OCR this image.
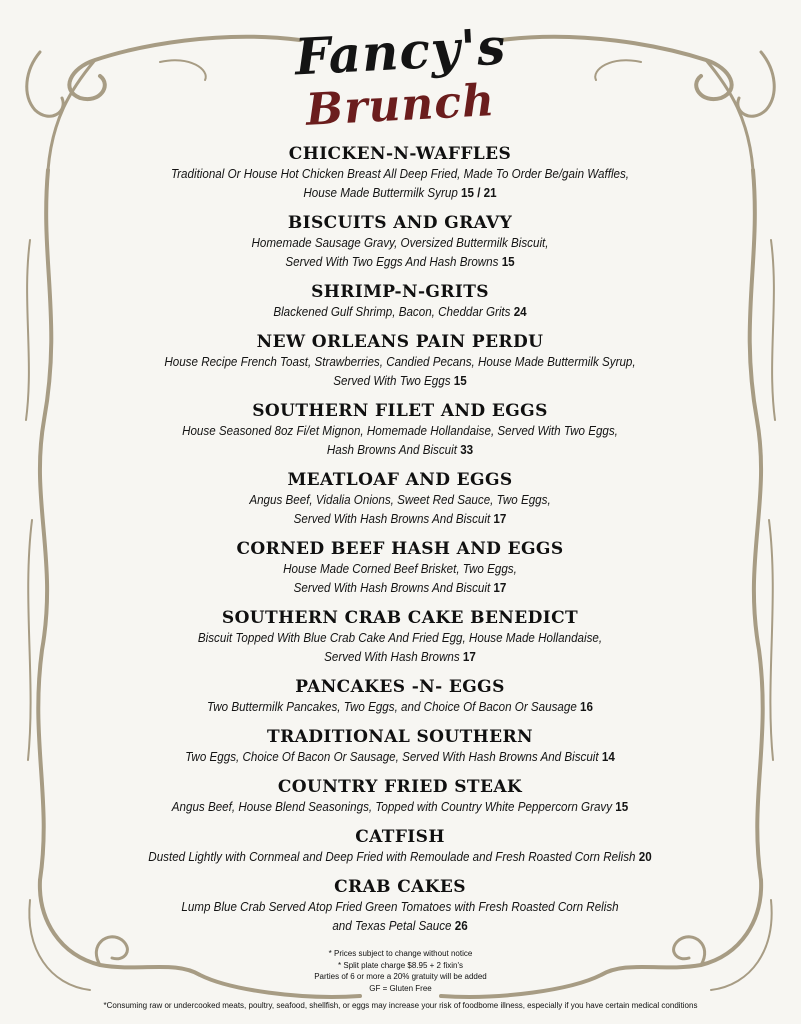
Fancy's
Brunch

CHICKEN-N-WAFFLES

Traditional Or House Hot Chicken Breast All Deep Fried, Made To Order Be/gain Waffles,

House Made Buttermilk Syrup 15 / 21

BISCUITS AND GRAVY

Homemade Sausage Gravy, Oversized Buttermilk Biscuit,

Served With Two Eggs And Hash Browns 15

SHRIMP-N-GRITS

Blackened Gulf Shrimp, Bacon, Cheddar Grits 24

NEW ORLEANS PAIN PERDU

House Recipe French Toast, Strawberries, Candied Pecans, House Made Buttermilk Syrup,

Served With Two Eggs 15

SOUTHERN FILET AND EGGS

House Seasoned 8oz Fi/et Mignon, Homemade Hollandaise, Served With Two Eggs,

Hash Browns And Biscuit 33

MEATLOAF AND EGGS

Angus Beef, Vidalia Onions, Sweet Red Sauce, Two Eggs,

Served With Hash Browns And Biscuit 17

CORNED BEEF HASH AND EGGS

House Made Corned Beef Brisket, Two Eggs,

Served With Hash Browns And Biscuit 17

SOUTHERN CRAB CAKE BENEDICT

Biscuit Topped With Blue Crab Cake And Fried Egg, House Made Hollandaise,

Served With Hash Browns 17

PANCAKES -N- EGGS

Two Buttermilk Pancakes, Two Eggs, and Choice Of Bacon Or Sausage 16

TRADITIONAL SOUTHERN

Two Eggs, Choice Of Bacon Or Sausage, Served With Hash Browns And Biscuit 14

COUNTRY FRIED STEAK

Angus Beef, House Blend Seasonings, Topped with Country White Peppercorn Gravy 15

CATFISH

Dusted Lightly with Cornmeal and Deep Fried with Remoulade and Fresh Roasted Corn Relish 20

CRAB CAKES

Lump Blue Crab Served Atop Fried Green Tomatoes with Fresh Roasted Corn Relish

and Texas Petal Sauce 26

* Prices subject to change without notice
* Split plate charge $8.95 + 2 fixin's
Parties of 6 or more a 20% gratuity will be added
GF = Gluten Free
*Consuming raw or undercooked meats, poultry, seafood, shellfish, or eggs may increase your risk of foodbome illness, especially if you have certain medical conditions
